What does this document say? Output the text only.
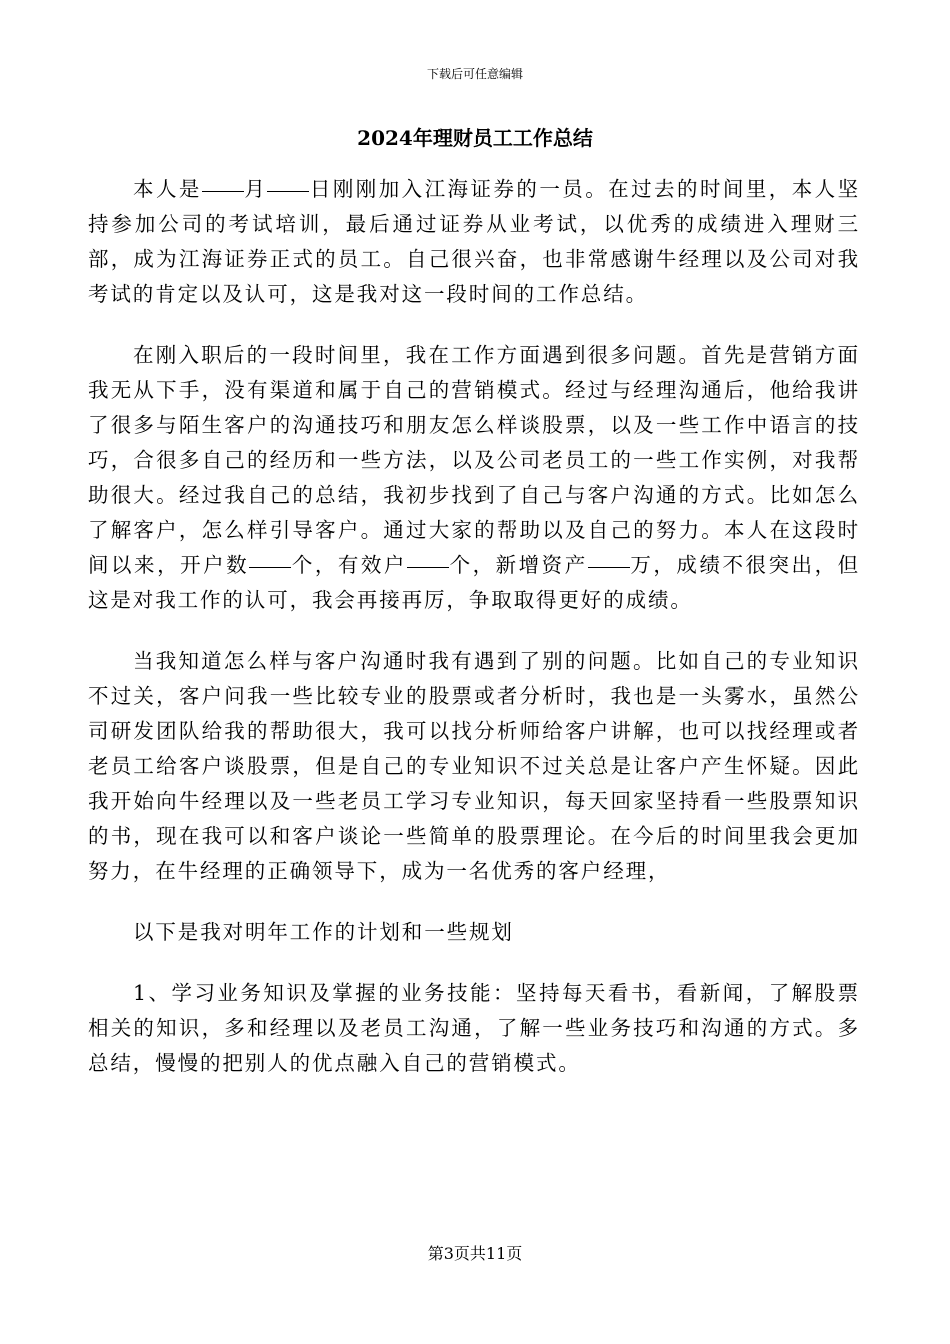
下载后可任意编辑
2024年理财员工工作总结

本人是 月 日刚刚加入江海证券的一员。在过去的时间里，本人坚持参加公司的考试培训，最后通过证券从业考试，以优秀的成绩进入理财三部，成为江海证券正式的员工。自己很兴奋，也非常感谢牛经理以及公司对我考试的肯定以及认可，这是我对这一段时间的工作总结。

在刚入职后的一段时间里，我在工作方面遇到很多问题。首先是营销方面我无从下手，没有渠道和属于自己的营销模式。经过与经理沟通后，他给我讲了很多与陌生客户的沟通技巧和朋友怎么样谈股票，以及一些工作中语言的技巧，合很多自己的经历和一些方法，以及公司老员工的一些工作实例，对我帮助很大。经过我自己的总结，我初步找到了自己与客户沟通的方式。比如怎么了解客户，怎么样引导客户。通过大家的帮助以及自己的努力。本人在这段时间以来，开户数 个，有效户 个，新增资产 万，成绩不很突出，但这是对我工作的认可，我会再接再厉，争取取得更好的成绩。

当我知道怎么样与客户沟通时我有遇到了别的问题。比如自己的专业知识不过关，客户问我一些比较专业的股票或者分析时，我也是一头雾水，虽然公司研发团队给我的帮助很大，我可以找分析师给客户讲解，也可以找经理或者老员工给客户谈股票，但是自己的专业知识不过关总是让客户产生怀疑。因此我开始向牛经理以及一些老员工学习专业知识，每天回家坚持看一些股票知识的书，现在我可以和客户谈论一些简单的股票理论。在今后的时间里我会更加努力，在牛经理的正确领导下，成为一名优秀的客户经理，

以下是我对明年工作的计划和一些规划

1、学习业务知识及掌握的业务技能：坚持每天看书，看新闻，了解股票相关的知识，多和经理以及老员工沟通，了解一些业务技巧和沟通的方式。多总结，慢慢的把别人的优点融入自己的营销模式。

第3页共11页
